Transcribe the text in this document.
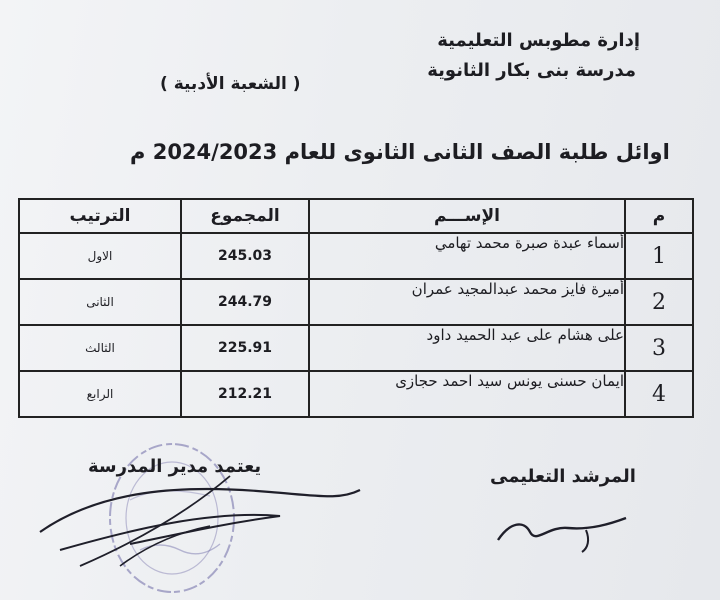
إدارة مطوبس التعليمية
مدرسة بنى بكار الثانوية
( الشعبة الأدبية )
اوائل طلبة الصف الثانى الثانوى للعام 2024/2023 م
م	الإســـم	المجموع	الترتيب
1	أسماء عبدة صبرة محمد تهامي	245.03	الاول
2	أميرة فايز محمد عبدالمجيد عمران	244.79	الثانى
3	على هشام على عبد الحميد داود	225.91	الثالث
4	ايمان حسنى يونس سيد احمد حجازى	212.21	الرابع
يعتمد مدير المدرسة	المرشد التعليمى
